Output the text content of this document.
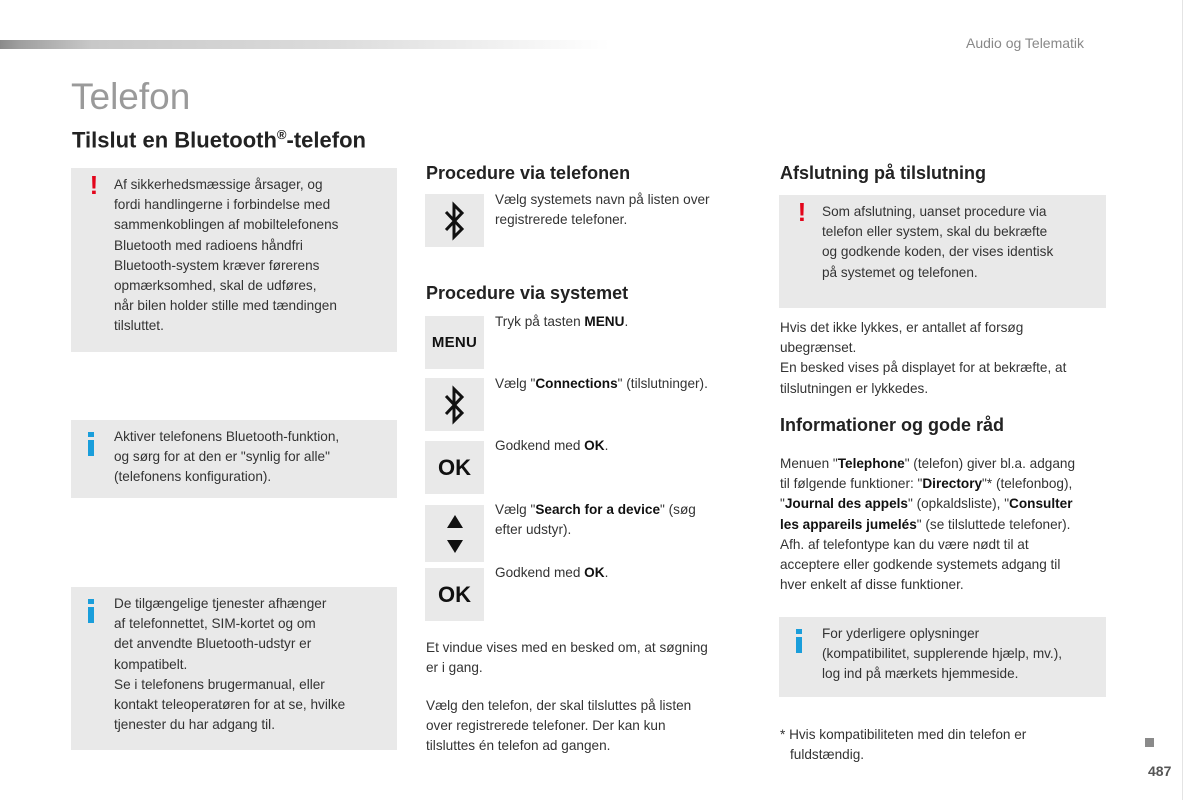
Audio og Telematik
Telefon
Tilslut en Bluetooth®-telefon
! Af sikkerhedsmæssige årsager, og

fordi handlingerne i forbindelse med

sammenkoblingen af mobiltelefonens

Bluetooth med radioens håndfri

Bluetooth-system kræver førerens

opmærksomhed, skal de udføres,

når bilen holder stille med tændingen

tilsluttet.

Aktiver telefonens Bluetooth-funktion,

og sørg for at den er "synlig for alle"

(telefonens konfiguration).

De tilgængelige tjenester afhænger

af telefonnettet, SIM-kortet og om

det anvendte Bluetooth-udstyr er

kompatibelt.

Se i telefonens brugermanual, eller

kontakt teleoperatøren for at se, hvilke

tjenester du har adgang til.

Procedure via telefonen

Vælg systemets navn på listen over

registrerede telefoner.

Procedure via systemet
MENU

Tryk på tasten MENU.

Vælg "Connections" (tilslutninger).

OK

Godkend med OK.

Vælg "Search for a device" (søg

efter udstyr).

OK

Godkend med OK.

Et vindue vises med en besked om, at søgning

er i gang.

Vælg den telefon, der skal tilsluttes på listen

over registrerede telefoner. Der kan kun

tilsluttes én telefon ad gangen.

Afslutning på tilslutning
! Som afslutning, uanset procedure via

telefon eller system, skal du bekræfte

og godkende koden, der vises identisk

på systemet og telefonen.

Hvis det ikke lykkes, er antallet af forsøg

ubegrænset.

En besked vises på displayet for at bekræfte, at

tilslutningen er lykkedes.

Informationer og gode råd

Menuen "Telephone" (telefon) giver bl.a. adgang

til følgende funktioner: "Directory"* (telefonbog),

"Journal des appels" (opkaldsliste), "Consulter

les appareils jumelés" (se tilsluttede telefoner).

Afh. af telefontype kan du være nødt til at

acceptere eller godkende systemets adgang til

hver enkelt af disse funktioner.

For yderligere oplysninger

(kompatibilitet, supplerende hjælp, mv.),

log ind på mærkets hjemmeside.

* Hvis kompatibiliteten med din telefon er

fuldstændig.

487
